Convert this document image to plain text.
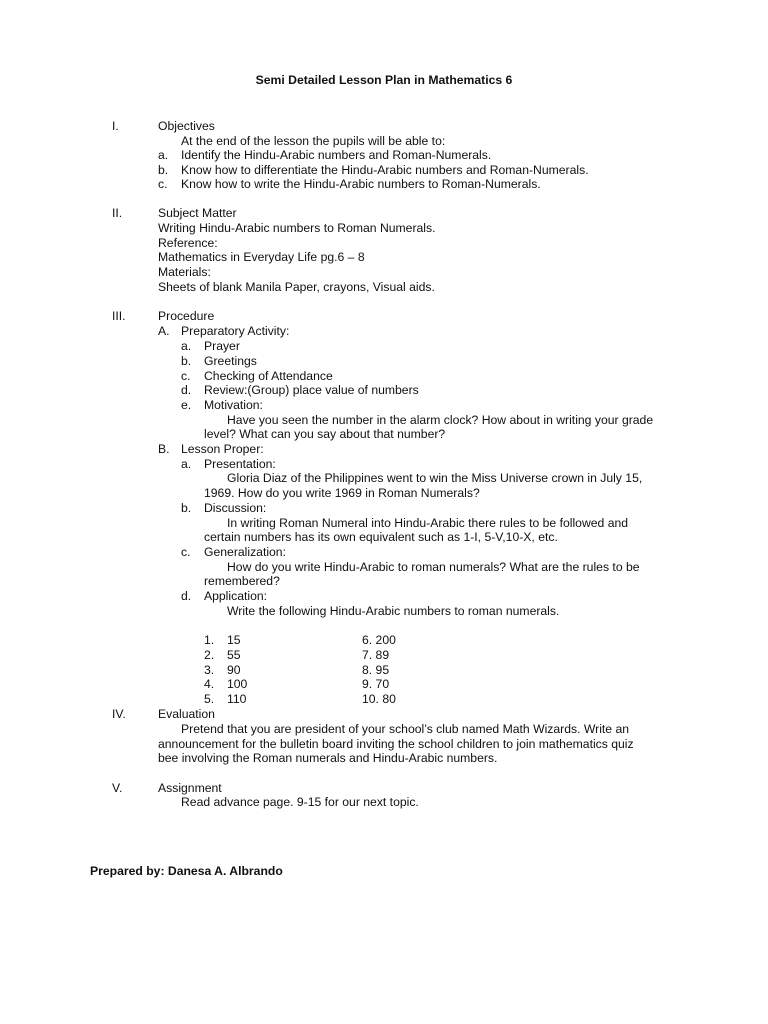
Semi Detailed Lesson Plan in Mathematics 6
I.	Objectives
At the end of the lesson the pupils will be able to:
a. Identify the Hindu-Arabic numbers and Roman-Numerals.
b. Know how to differentiate the Hindu-Arabic numbers and Roman-Numerals.
c. Know how to write the Hindu-Arabic numbers to Roman-Numerals.
II.	Subject Matter
Writing Hindu-Arabic numbers to Roman Numerals.
Reference:
Mathematics in Everyday Life pg.6 – 8
Materials:
Sheets of blank Manila Paper, crayons, Visual aids.
III.	Procedure
A. Preparatory Activity:
a. Prayer
b. Greetings
c. Checking of Attendance
d. Review:(Group) place value of numbers
e. Motivation:
Have you seen the number in the alarm clock? How about in writing your grade
level? What can you say about that number?
B. Lesson Proper:
a. Presentation:
Gloria Diaz of the Philippines went to win the Miss Universe crown in July 15,
1969. How do you write 1969 in Roman Numerals?
b. Discussion:
In writing Roman Numeral into Hindu-Arabic there rules to be followed and
certain numbers has its own equivalent such as 1-I, 5-V,10-X, etc.
c. Generalization:
How do you write Hindu-Arabic to roman numerals? What are the rules to be
remembered?
d. Application:
Write the following Hindu-Arabic numbers to roman numerals.
1. 15	6. 200
2. 55	7. 89
3. 90	8. 95
4. 100	9. 70
5. 110	10. 80
IV.	Evaluation
Pretend that you are president of your school’s club named Math Wizards. Write an
announcement for the bulletin board inviting the school children to join mathematics quiz
bee involving the Roman numerals and Hindu-Arabic numbers.
V.	Assignment
Read advance page. 9-15 for our next topic.
Prepared by: Danesa A. Albrando
